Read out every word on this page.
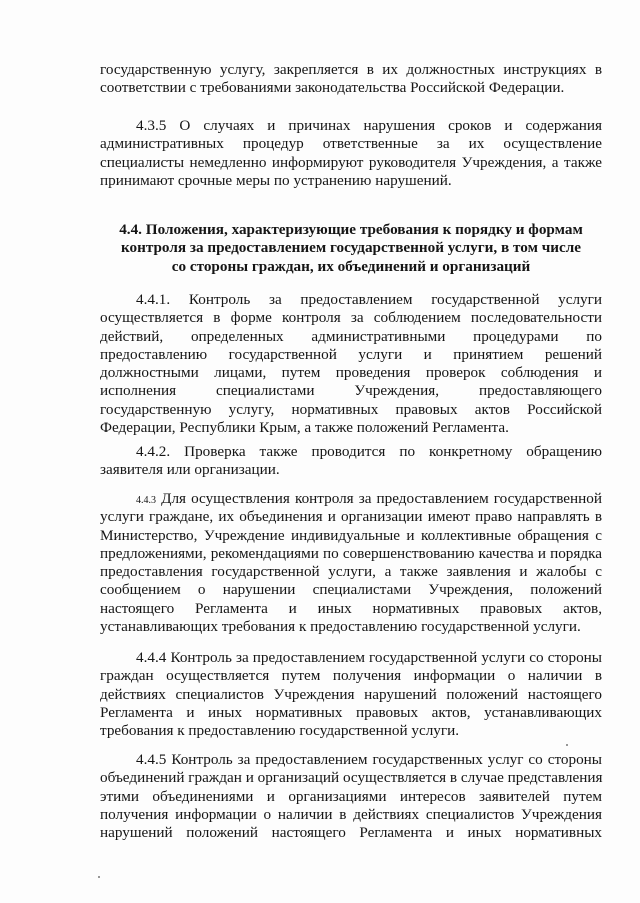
государственную услугу, закрепляется в их должностных инструкциях в
соответствии с требованиями законодательства Российской Федерации.
4.3.5 О случаях и причинах нарушения сроков и содержания
административных процедур ответственные за их осуществление
специалисты немедленно информируют руководителя Учреждения, а также
принимают срочные меры по устранению нарушений.
4.4. Положения, характеризующие требования к порядку и формам
контроля за предоставлением государственной услуги, в том числе
со стороны граждан, их объединений и организаций
4.4.1. Контроль за предоставлением государственной услуги
осуществляется в форме контроля за соблюдением последовательности
действий, определенных административными процедурами по
предоставлению государственной услуги и принятием решений
должностными лицами, путем проведения проверок соблюдения и
исполнения специалистами Учреждения, предоставляющего
государственную услугу, нормативных правовых актов Российской
Федерации, Республики Крым, а также положений Регламента.
4.4.2. Проверка также проводится по конкретному обращению
заявителя или организации.
4.4.3 Для осуществления контроля за предоставлением государственной
услуги граждане, их объединения и организации имеют право направлять в
Министерство, Учреждение индивидуальные и коллективные обращения с
предложениями, рекомендациями по совершенствованию качества и порядка
предоставления государственной услуги, а также заявления и жалобы с
сообщением о нарушении специалистами Учреждения, положений
настоящего Регламента и иных нормативных правовых актов,
устанавливающих требования к предоставлению государственной услуги.
4.4.4 Контроль за предоставлением государственной услуги со стороны
граждан осуществляется путем получения информации о наличии в
действиях специалистов Учреждения нарушений положений настоящего
Регламента и иных нормативных правовых актов, устанавливающих
требования к предоставлению государственной услуги.
4.4.5 Контроль за предоставлением государственных услуг со стороны
объединений граждан и организаций осуществляется в случае представления
этими объединениями и организациями интересов заявителей путем
получения информации о наличии в действиях специалистов Учреждения
нарушений положений настоящего Регламента и иных нормативных
